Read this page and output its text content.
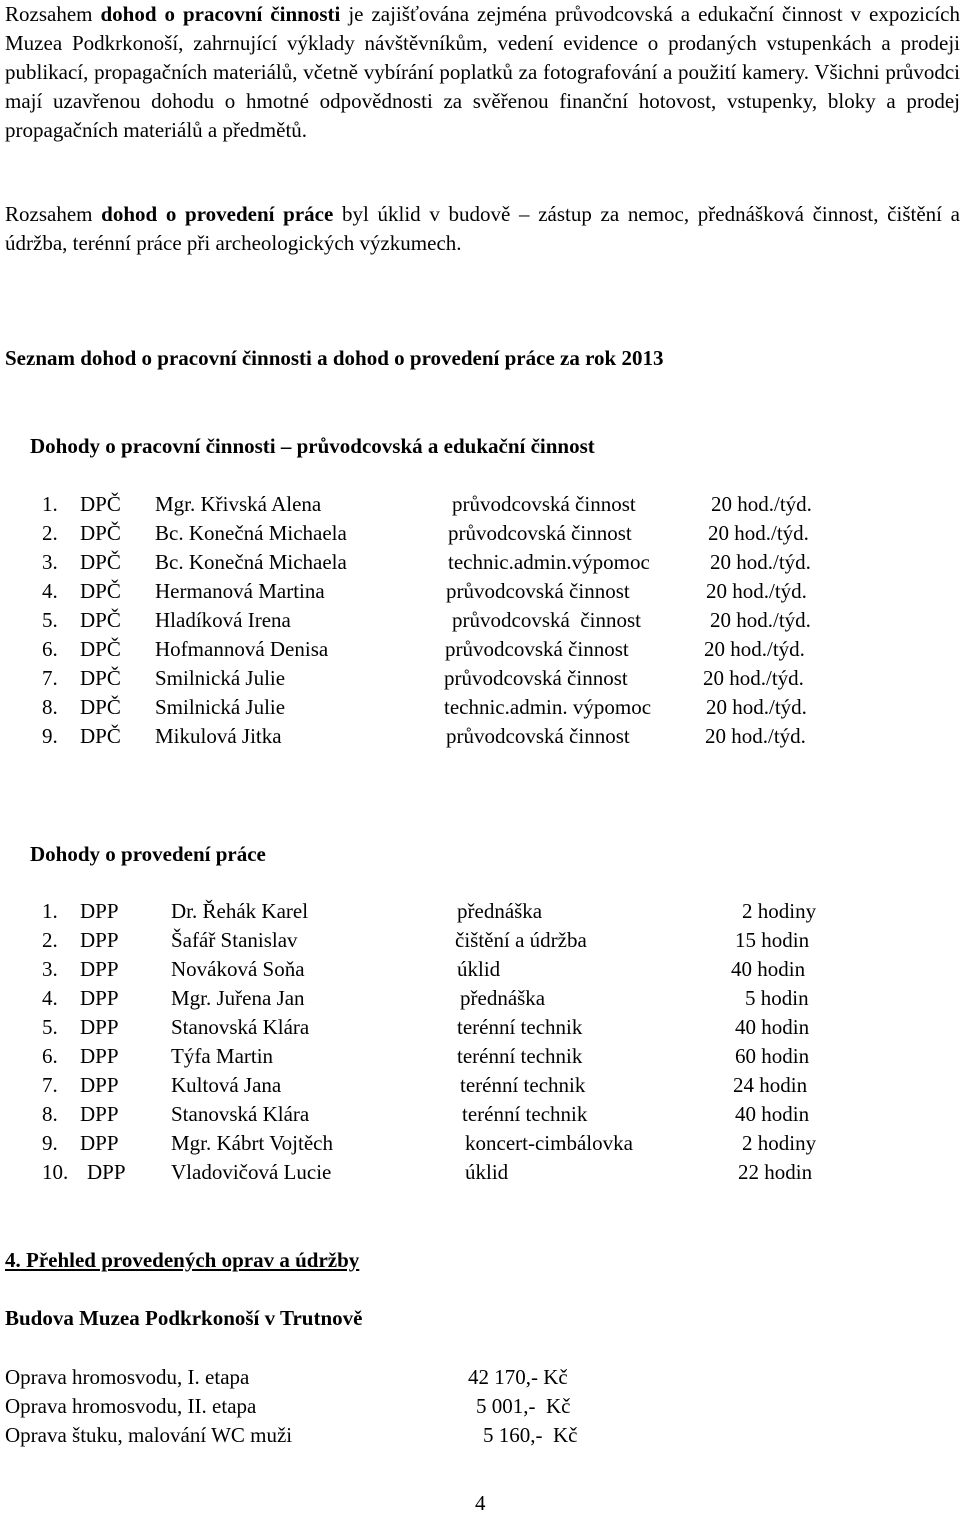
Rozsahem dohod o pracovní činnosti je zajišťována zejména průvodcovská a edukační činnost v expozicích Muzea Podkrkonoší, zahrnující výklady návštěvníkům, vedení evidence o prodaných vstupenkách a prodeji publikací, propagačních materiálů, včetně vybírání poplatků za fotografování a použití kamery. Všichni průvodci mají uzavřenou dohodu o hmotné odpovědnosti za svěřenou finanční hotovost, vstupenky, bloky a prodej propagačních materiálů a předmětů.

Rozsahem dohod o provedení práce byl úklid v budově – zástup za nemoc, přednášková činnost, čištění a údržba, terénní práce při archeologických výzkumech.

Seznam dohod o pracovní činnosti a dohod o provedení práce za rok 2013
Dohody o pracovní činnosti – průvodcovská a edukační činnost
1. DPČ Mgr. Křivská Alena	průvodcovská činnost	20 hod./týd.
2. DPČ Bc. Konečná Michaela	průvodcovská činnost	20 hod./týd.
3. DPČ Bc. Konečná Michaela	technic.admin.výpomoc	20 hod./týd.
4. DPČ Hermanová Martina	průvodcovská činnost	20 hod./týd.
5. DPČ Hladíková Irena	průvodcovská  činnost	20 hod./týd.
6. DPČ Hofmannová Denisa	průvodcovská činnost	20 hod./týd.
7. DPČ Smilnická Julie	průvodcovská činnost	20 hod./týd.
8. DPČ Smilnická Julie	technic.admin. výpomoc	20 hod./týd.
9. DPČ Mikulová Jitka	průvodcovská činnost	20 hod./týd.
Dohody o provedení práce
1. DPP Dr. Řehák Karel	přednáška	2 hodiny
2. DPP Šafář Stanislav	čištění a údržba	15 hodin
3. DPP Nováková Soňa	úklid	40 hodin
4. DPP Mgr. Juřena Jan	přednáška	5 hodin
5. DPP Stanovská Klára	terénní technik	40 hodin
6. DPP Týfa Martin	terénní technik	60 hodin
7. DPP Kultová Jana	terénní technik	24 hodin
8. DPP Stanovská Klára	terénní technik	40 hodin
9. DPP Mgr. Kábrt Vojtěch	koncert-cimbálovka	2 hodiny
10. DPP Vladovičová Lucie	úklid	22 hodin
4. Přehled provedených oprav a údržby
Budova Muzea Podkrkonoší v Trutnově
Oprava hromosvodu, I. etapa	42 170,- Kč
Oprava hromosvodu, II. etapa	5 001,-  Kč
Oprava štuku, malování WC muži	5 160,-  Kč
4
